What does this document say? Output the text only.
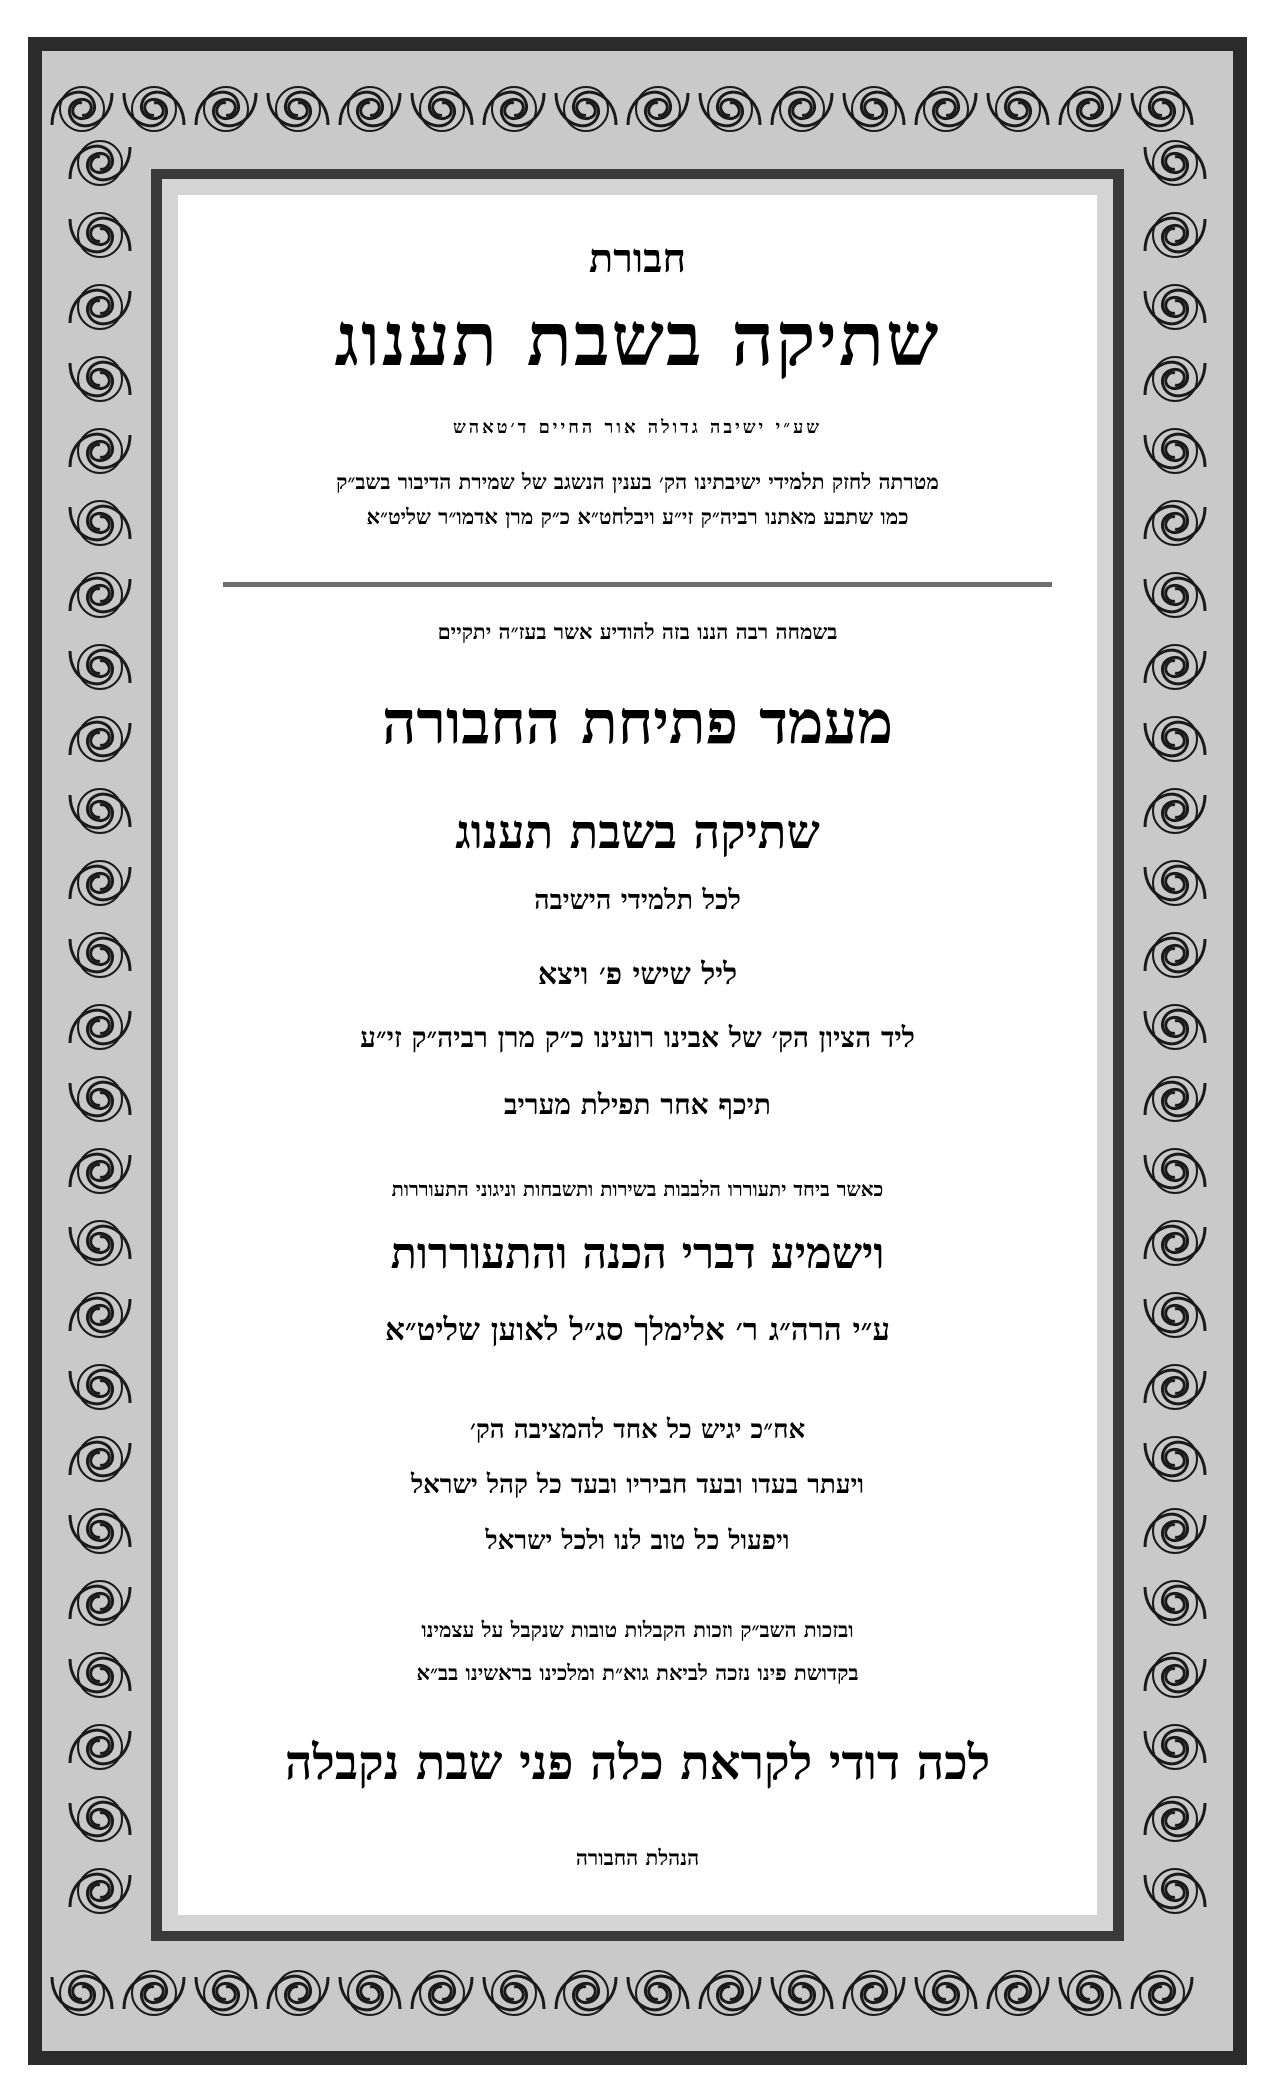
חבורת
שתיקה בשבת תענוג
שע״י ישיבה גדולה אור החיים ד׳טאהש
מטרתה לחזק תלמידי ישיבתינו הק׳ בענין הנשגב של שמירת הדיבור בשב״ק
כמו שתבע מאתנו רביה״ק זי״ע ויבלחט״א כ״ק מרן אדמו״ר שליט״א
בשמחה רבה הננו בזה להודיע אשר בעז״ה יתקיים
מעמד פתיחת החבורה
שתיקה בשבת תענוג
לכל תלמידי הישיבה
ליל שישי פ׳ ויצא
ליד הציון הק׳ של אבינו רועינו כ״ק מרן רביה״ק זי״ע
תיכף אחר תפילת מעריב
כאשר ביחד יתעוררו הלבבות בשירות ותשבחות וניגוני התעוררות
וישמיע דברי הכנה והתעוררות
ע״י הרה״ג ר׳ אלימלך סג״ל לאוען שליט״א
אח״כ יגיש כל אחד להמציבה הק׳
ויעתר בעדו ובעד חביריו ובעד כל קהל ישראל
ויפעול כל טוב לנו ולכל ישראל
ובזכות השב״ק וזכות הקבלות טובות שנקבל על עצמינו
בקדושת פינו נזכה לביאת גוא״ת ומלכינו בראשינו בב״א
לכה דודי לקראת כלה פני שבת נקבלה
הנהלת החבורה
